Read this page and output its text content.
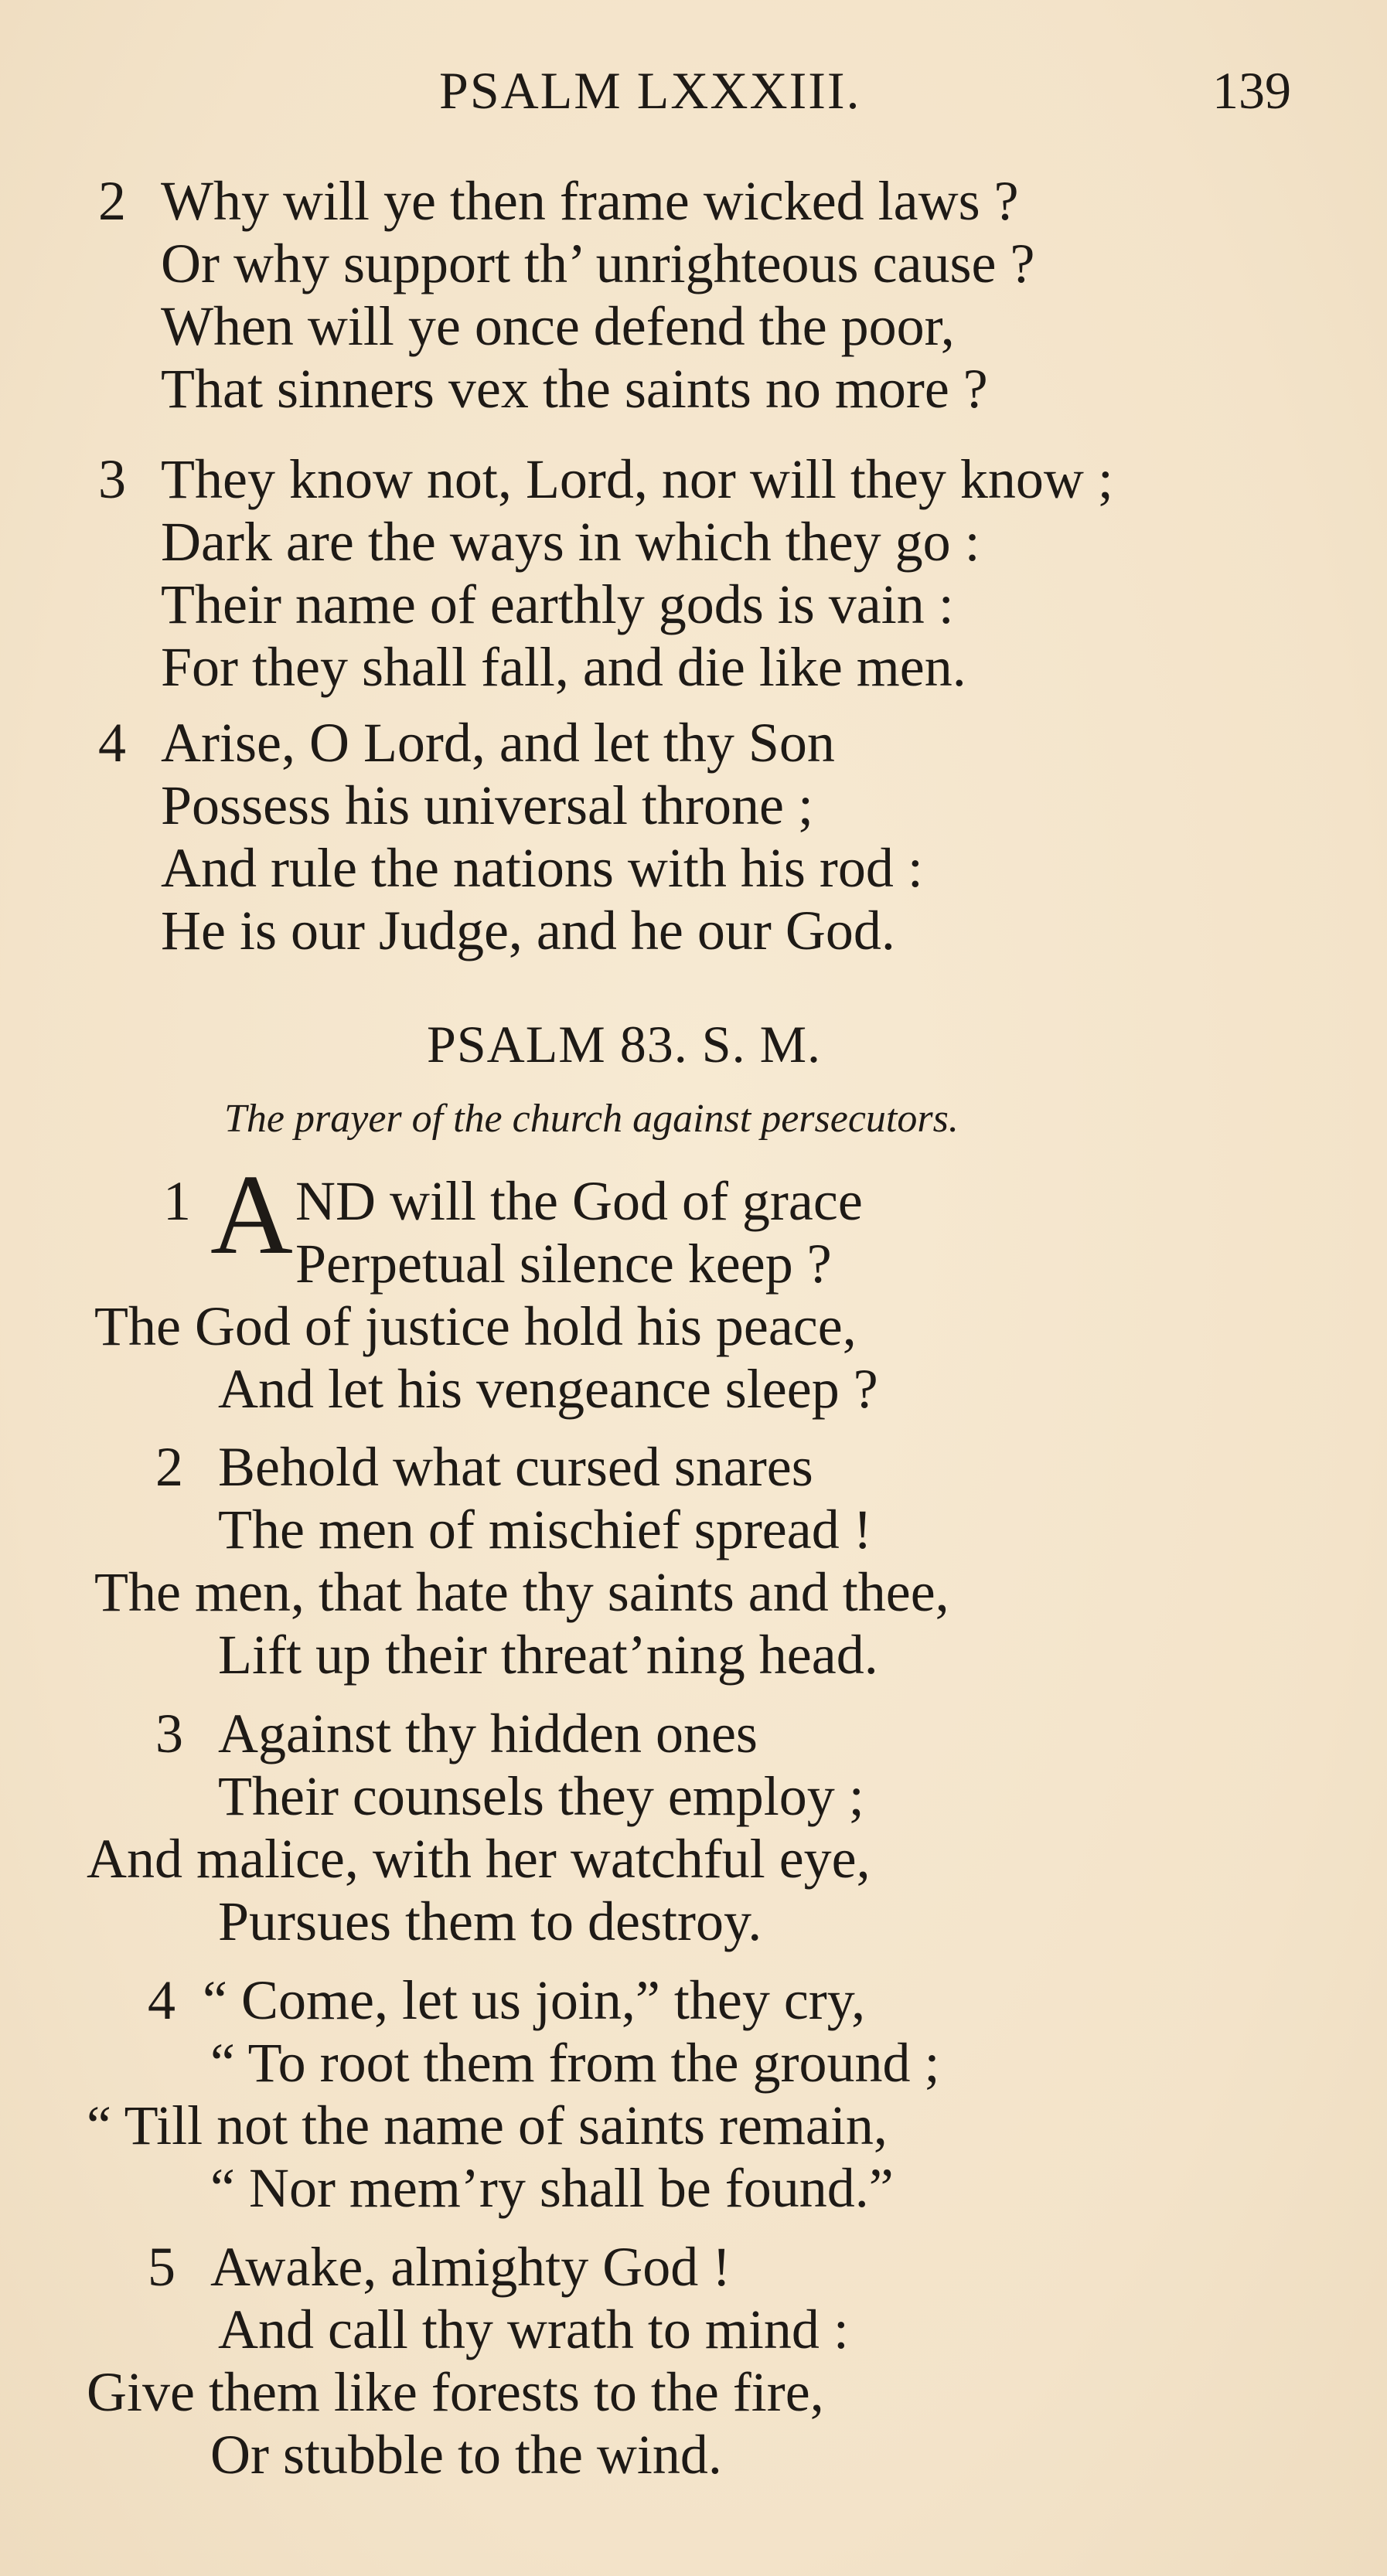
PSALM LXXXIII.	139
2 Why will ye then frame wicked laws ?
Or why support th’ unrighteous cause ?
When will ye once defend the poor,
That sinners vex the saints no more ?
3 They know not, Lord, nor will they know ;
Dark are the ways in which they go :
Their name of earthly gods is vain :
For they shall fall, and die like men.
4 Arise, O Lord, and let thy Son
Possess his universal throne ;
And rule the nations with his rod :
He is our Judge, and he our God.
PSALM 83. S. M.
The prayer of the church against persecutors.
1 A ND will the God of grace
Perpetual silence keep ?
The God of justice hold his peace,
And let his vengeance sleep ?
2 Behold what cursed snares
The men of mischief spread !
The men, that hate thy saints and thee,
Lift up their threat’ning head.
3 Against thy hidden ones
Their counsels they employ ;
And malice, with her watchful eye,
Pursues them to destroy.
4 “ Come, let us join,” they cry,
“ To root them from the ground ;
“ Till not the name of saints remain,
“ Nor mem’ry shall be found.”
5 Awake, almighty God !
And call thy wrath to mind :
Give them like forests to the fire,
Or stubble to the wind.
